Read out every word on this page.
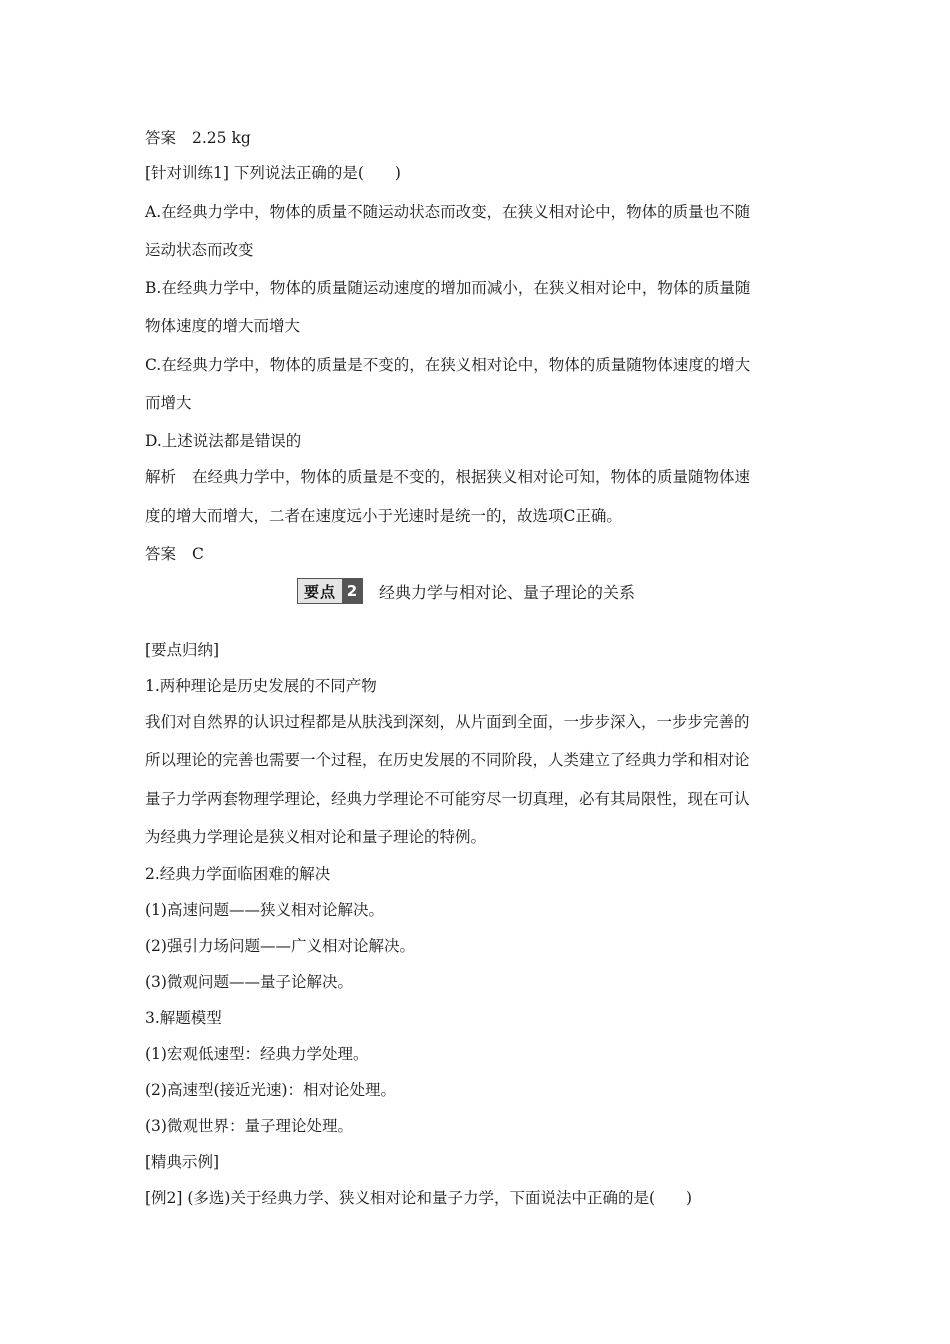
答案 2.25 kg
[针对训练1] 下列说法正确的是(　　)
A.在经典力学中，物体的质量不随运动状态而改变，在狭义相对论中，物体的质量也不随
运动状态而改变
B.在经典力学中，物体的质量随运动速度的增加而减小，在狭义相对论中，物体的质量随
物体速度的增大而增大
C.在经典力学中，物体的质量是不变的，在狭义相对论中，物体的质量随物体速度的增大
而增大
D.上述说法都是错误的
解析 在经典力学中，物体的质量是不变的，根据狭义相对论可知，物体的质量随物体速
度的增大而增大，二者在速度远小于光速时是统一的，故选项C正确。
答案 C
要点 2 经典力学与相对论、量子理论的关系
[要点归纳]
1.两种理论是历史发展的不同产物
我们对自然界的认识过程都是从肤浅到深刻，从片面到全面，一步步深入，一步步完善的
所以理论的完善也需要一个过程，在历史发展的不同阶段，人类建立了经典力学和相对论
量子力学两套物理学理论，经典力学理论不可能穷尽一切真理，必有其局限性，现在可认
为经典力学理论是狭义相对论和量子理论的特例。
2.经典力学面临困难的解决
(1)高速问题——狭义相对论解决。
(2)强引力场问题——广义相对论解决。
(3)微观问题——量子论解决。
3.解题模型
(1)宏观低速型：经典力学处理。
(2)高速型(接近光速)：相对论处理。
(3)微观世界：量子理论处理。
[精典示例]
[例2] (多选)关于经典力学、狭义相对论和量子力学，下面说法中正确的是(　　)
